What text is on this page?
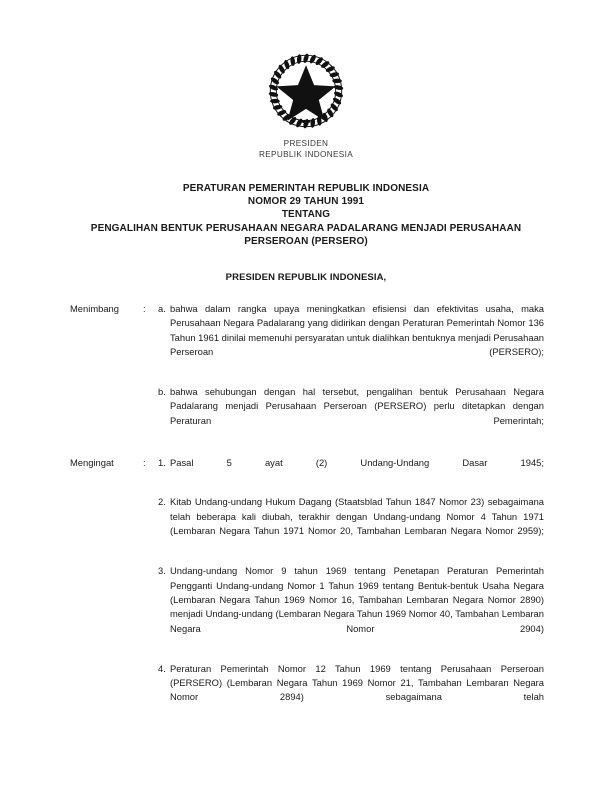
PRESIDEN
REPUBLIK INDONESIA
PERATURAN PEMERINTAH REPUBLIK INDONESIA
NOMOR 29 TAHUN 1991
TENTANG
PENGALIHAN BENTUK PERUSAHAAN NEGARA PADALARANG MENJADI PERUSAHAAN
PERSEROAN (PERSERO)
PRESIDEN REPUBLIK INDONESIA,
Menimbang	:	a. bahwa dalam rangka upaya meningkatkan efisiensi dan efektivitas usaha, maka Perusahaan Negara Padalarang yang didirikan dengan Peraturan Pemerintah Nomor 136 Tahun 1961 dinilai memenuhi persyaratan untuk dialihkan bentuknya menjadi Perusahaan Perseroan (PERSERO);
b. bahwa sehubungan dengan hal tersebut, pengalihan bentuk Perusahaan Negara Padalarang menjadi Perusahaan Perseroan (PERSERO) perlu ditetapkan dengan Peraturan Pemerintah;
Mengingat	:	1. Pasal 5 ayat (2) Undang-Undang Dasar 1945;
2. Kitab Undang-undang Hukum Dagang (Staatsblad Tahun 1847 Nomor 23) sebagaimana telah beberapa kali diubah, terakhir dengan Undang-undang Nomor 4 Tahun 1971 (Lembaran Negara Tahun 1971 Nomor 20, Tambahan Lembaran Negara Nomor 2959);
3. Undang-undang Nomor 9 tahun 1969 tentang Penetapan Peraturan Pemerintah Pengganti Undang-undang Nomor 1 Tahun 1969 tentang Bentuk-bentuk Usaha Negara (Lembaran Negara Tahun 1969 Nomor 16, Tambahan Lembaran Negara Nomor 2890) menjadi Undang-undang (Lembaran Negara Tahun 1969 Nomor 40, Tambahan Lembaran Negara Nomor 2904)
4. Peraturan Pemerintah Nomor 12 Tahun 1969 tentang Perusahaan Perseroan (PERSERO) (Lembaran Negara Tahun 1969 Nomor 21, Tambahan Lembaran Negara Nomor 2894) sebagaimana telah
